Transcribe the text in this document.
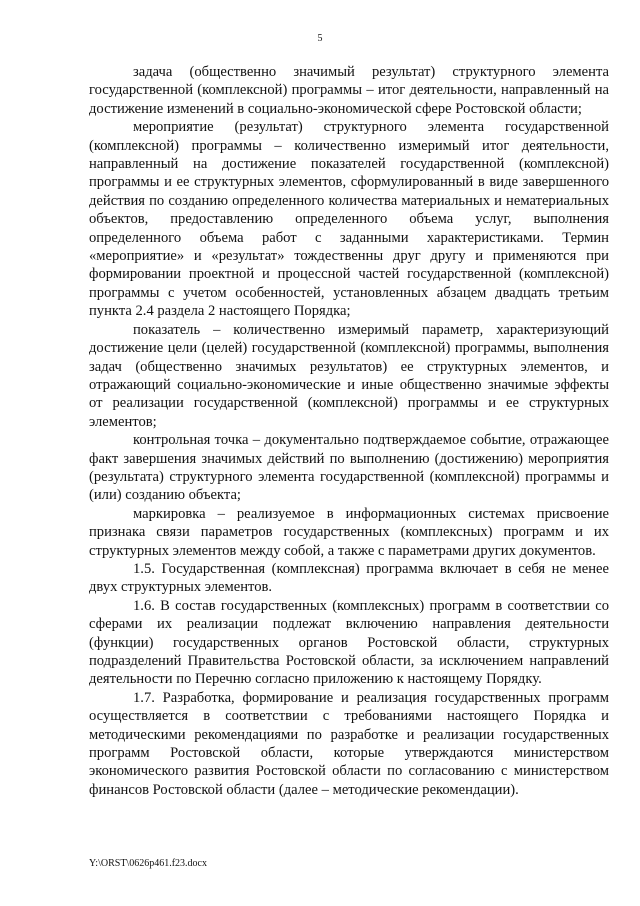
5

задача (общественно значимый результат) структурного элемента государственной (комплексной) программы – итог деятельности, направленный на достижение изменений в социально-экономической сфере Ростовской области;

мероприятие (результат) структурного элемента государственной (комплексной) программы – количественно измеримый итог деятельности, направленный на достижение показателей государственной (комплексной) программы и ее структурных элементов, сформулированный в виде завершенного действия по созданию определенного количества материальных и нематериальных объектов, предоставлению определенного объема услуг, выполнения определенного объема работ с заданными характеристиками. Термин «мероприятие» и «результат» тождественны друг другу и применяются при формировании проектной и процессной частей государственной (комплексной) программы с учетом особенностей, установленных абзацем двадцать третьим пункта 2.4 раздела 2 настоящего Порядка;

показатель – количественно измеримый параметр, характеризующий достижение цели (целей) государственной (комплексной) программы, выполнения задач (общественно значимых результатов) ее структурных элементов, и отражающий социально-экономические и иные общественно значимые эффекты от реализации государственной (комплексной) программы и ее структурных элементов;

контрольная точка – документально подтверждаемое событие, отражающее факт завершения значимых действий по выполнению (достижению) мероприятия (результата) структурного элемента государственной (комплексной) программы и (или) созданию объекта;

маркировка – реализуемое в информационных системах присвоение признака связи параметров государственных (комплексных) программ и их структурных элементов между собой, а также с параметрами других документов.

1.5. Государственная (комплексная) программа включает в себя не менее двух структурных элементов.

1.6. В состав государственных (комплексных) программ в соответствии со сферами их реализации подлежат включению направления деятельности (функции) государственных органов Ростовской области, структурных подразделений Правительства Ростовской области, за исключением направлений деятельности по Перечню согласно приложению к настоящему Порядку.

1.7. Разработка, формирование и реализация государственных программ осуществляется в соответствии с требованиями настоящего Порядка и методическими рекомендациями по разработке и реализации государственных программ Ростовской области, которые утверждаются министерством экономического развития Ростовской области по согласованию с министерством финансов Ростовской области (далее – методические рекомендации).

Y:\ORST\0626p461.f23.docx
